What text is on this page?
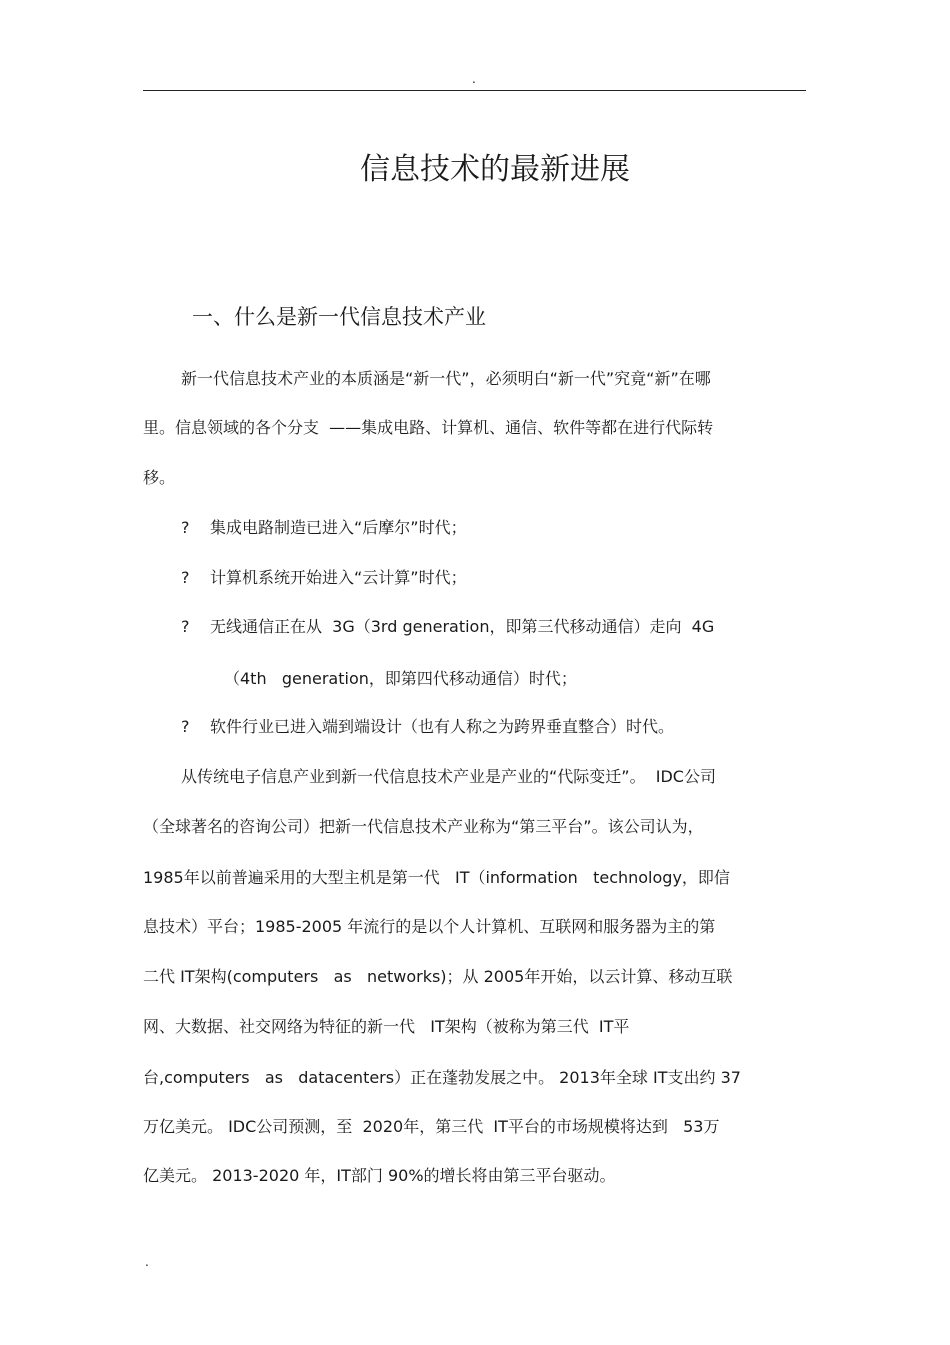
.
信息技术的最新进展
一、什么是新一代信息技术产业
新一代信息技术产业的本质涵是“新一代”，必须明白“新一代”究竟“新”在哪
里。信息领域的各个分支  ——集成电路、计算机、通信、软件等都在进行代际转
移。
? 集成电路制造已进入“后摩尔”时代；
? 计算机系统开始进入“云计算”时代；
? 无线通信正在从  3G（3rd generation，即第三代移动通信）走向  4G
（4th   generation，即第四代移动通信）时代；
? 软件行业已进入端到端设计（也有人称之为跨界垂直整合）时代。
从传统电子信息产业到新一代信息技术产业是产业的“代际变迁”。  IDC公司
（全球著名的咨询公司）把新一代信息技术产业称为“第三平台”。该公司认为，
1985年以前普遍采用的大型主机是第一代   IT（information   technology，即信
息技术）平台；1985-2005 年流行的是以个人计算机、互联网和服务器为主的第
二代 IT架构(computers   as   networks)；从 2005年开始，以云计算、移动互联
网、大数据、社交网络为特征的新一代   IT架构（被称为第三代  IT平
台,computers   as   datacenters）正在蓬勃发展之中。 2013年全球 IT支出约 37
万亿美元。 IDC公司预测，至  2020年，第三代  IT平台的市场规模将达到   53万
亿美元。 2013-2020 年，IT部门 90%的增长将由第三平台驱动。
.
